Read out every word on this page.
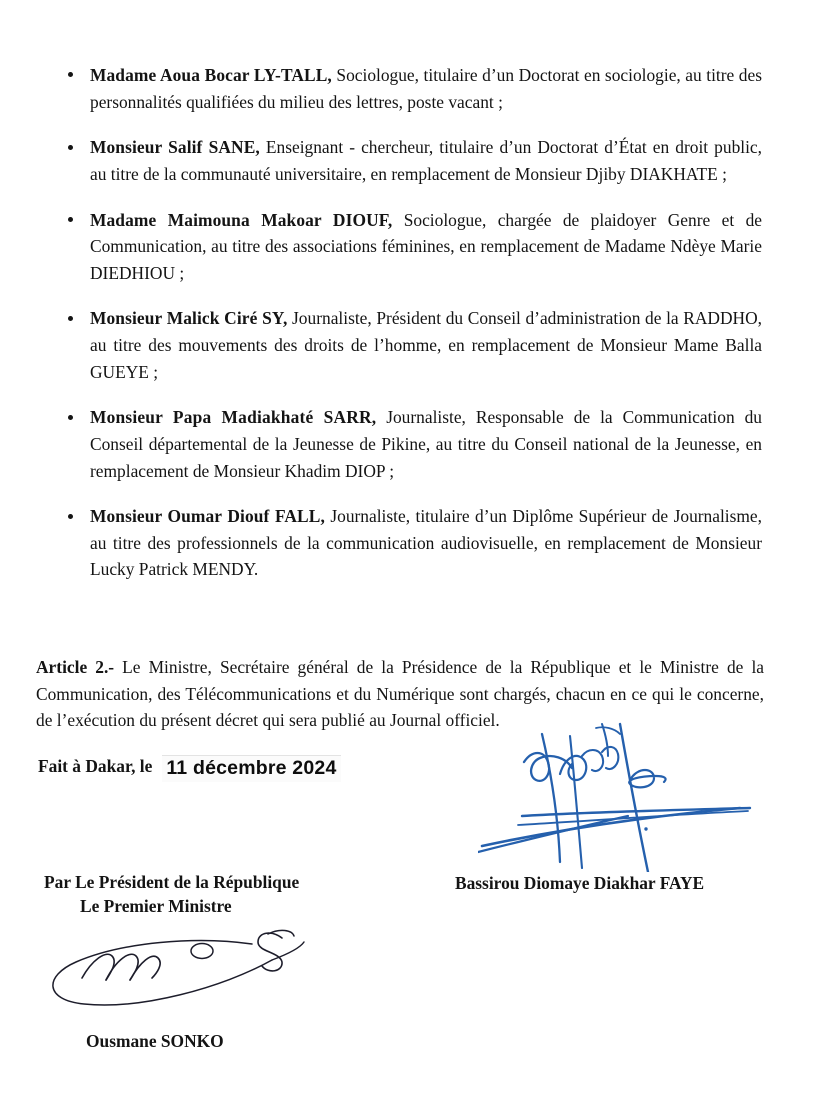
Madame Aoua Bocar LY-TALL, Sociologue, titulaire d’un Doctorat en sociologie, au titre des personnalités qualifiées du milieu des lettres, poste vacant ;
Monsieur Salif SANE, Enseignant - chercheur, titulaire d’un Doctorat d’État en droit public, au titre de la communauté universitaire, en remplacement de Monsieur Djiby DIAKHATE ;
Madame Maimouna Makoar DIOUF, Sociologue, chargée de plaidoyer Genre et de Communication, au titre des associations féminines, en remplacement de Madame Ndèye Marie DIEDHIOU ;
Monsieur Malick Ciré SY, Journaliste, Président du Conseil d’administration de la RADDHO, au titre des mouvements des droits de l’homme, en remplacement de Monsieur Mame Balla GUEYE ;
Monsieur Papa Madiakhaté SARR, Journaliste, Responsable de la Communication du Conseil départemental de la Jeunesse de Pikine, au titre du Conseil national de la Jeunesse, en remplacement de Monsieur Khadim DIOP ;
Monsieur Oumar Diouf FALL, Journaliste, titulaire d’un Diplôme Supérieur de Journalisme, au titre des professionnels de la communication audiovisuelle, en remplacement de Monsieur Lucky Patrick MENDY.

Article 2.- Le Ministre, Secrétaire général de la Présidence de la République et le Ministre de la Communication, des Télécommunications et du Numérique sont chargés, chacun en ce qui le concerne, de l’exécution du présent décret qui sera publié au Journal officiel.

Fait à Dakar, le 11 décembre 2024
Bassirou Diomaye Diakhar FAYE
Par Le Président de la République
Le Premier Ministre
Ousmane SONKO
